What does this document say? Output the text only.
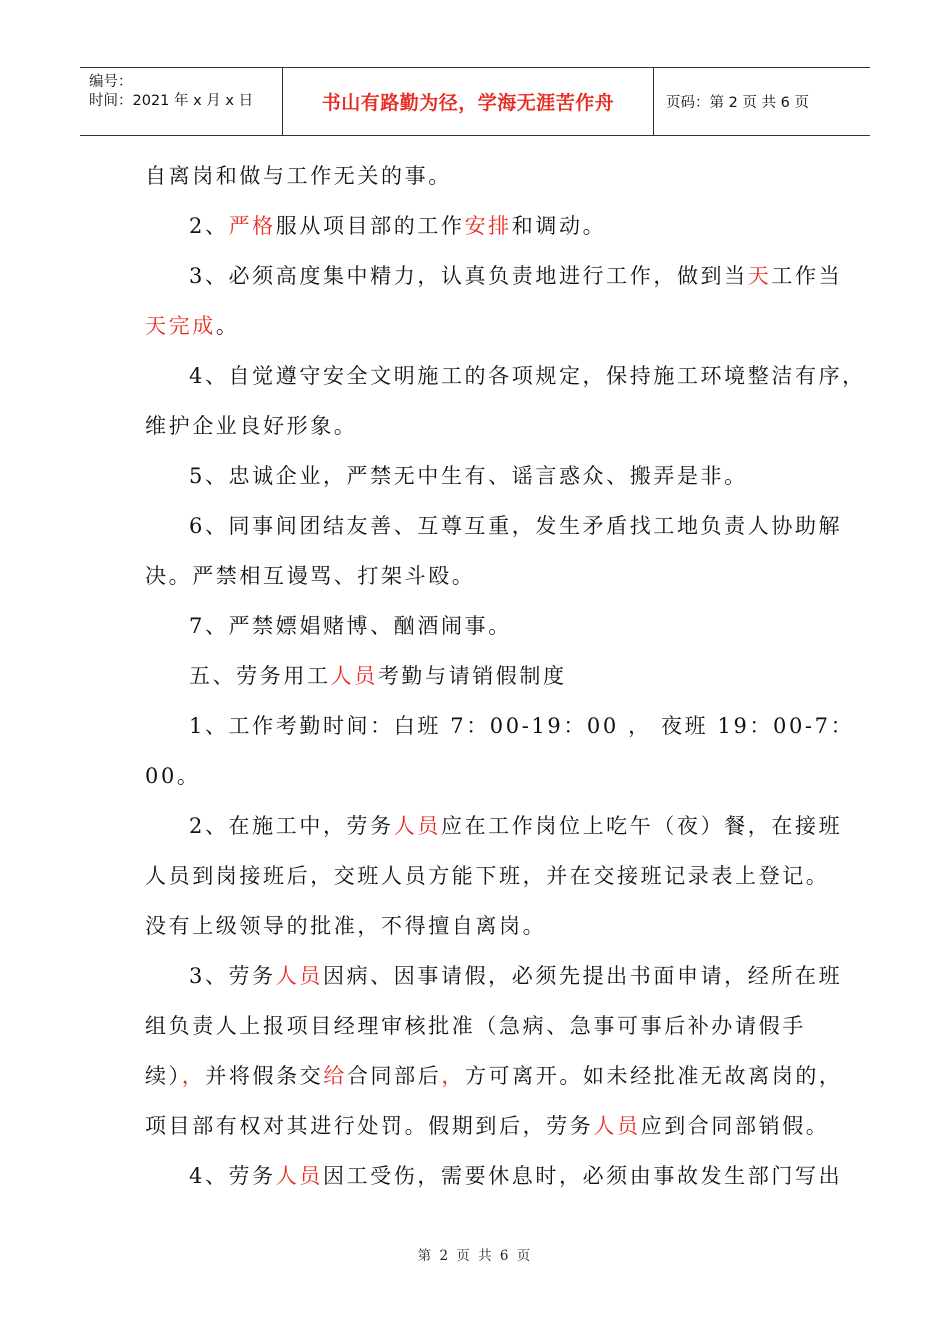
编号：
时间：2021 年 x 月 x 日	书山有路勤为径，学海无涯苦作舟	页码：第 2 页 共 6 页
自离岗和做与工作无关的事。
2、严格服从项目部的工作安排和调动。
3、必须高度集中精力，认真负责地进行工作，做到当天工作当
天完成。
4、自觉遵守安全文明施工的各项规定，保持施工环境整洁有序，
维护企业良好形象。
5、忠诚企业，严禁无中生有、谣言惑众、搬弄是非。
6、同事间团结友善、互尊互重，发生矛盾找工地负责人协助解
决。严禁相互谩骂、打架斗殴。
7、严禁嫖娼赌博、酗酒闹事。
五、劳务用工人员考勤与请销假制度
1、工作考勤时间：白班 7：00-19：00 ， 夜班 19：00-7：
00。
2、在施工中，劳务人员应在工作岗位上吃午（夜）餐，在接班
人员到岗接班后，交班人员方能下班，并在交接班记录表上登记。
没有上级领导的批准，不得擅自离岗。
3、劳务人员因病、因事请假，必须先提出书面申请，经所在班
组负责人上报项目经理审核批准（急病、急事可事后补办请假手
续），并将假条交给合同部后，方可离开。如未经批准无故离岗的，
项目部有权对其进行处罚。假期到后，劳务人员应到合同部销假。
4、劳务人员因工受伤，需要休息时，必须由事故发生部门写出
第 2 页 共 6 页
